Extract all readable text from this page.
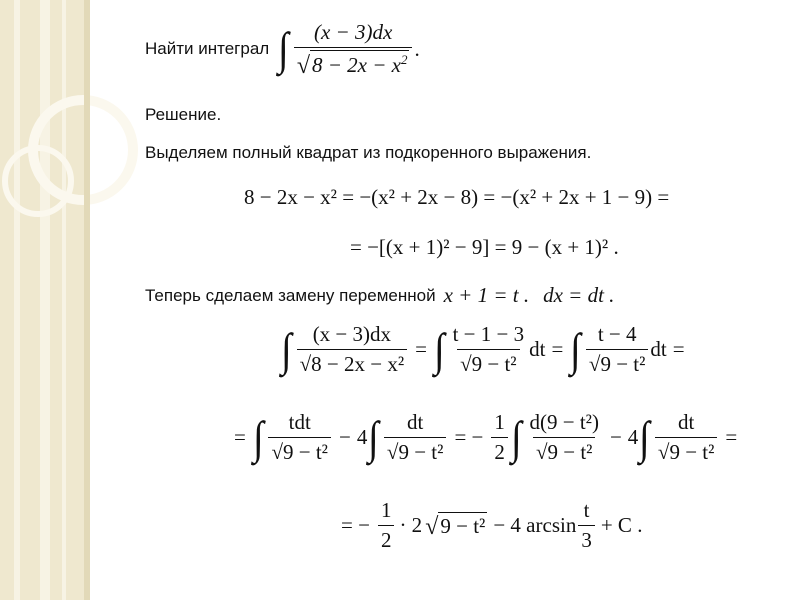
Найти интеграл ∫ $\frac{(x - 3)dx}{√ 8 - 2x - x^2}$ .
Решение.
Выделяем полный квадрат из подкоренного выражения.
8 − 2x − x² = −(x² + 2x − 8) = −(x² + 2x + 1 − 9) =
= −[(x + 1)² − 9] = 9 − (x + 1)² .
Теперь сделаем замену переменной x + 1 = t . dx = dt .
∫ $\frac{(x - 3)dx}{\text{√8 − 2x − x²}}$ = ∫ $\frac{t - 1 - 3}{\text{√9 − t²}}$ dt = ∫ $\frac{t - 4}{\text{√9 − t²}}$ dt =
= ∫ $\frac{\text{tdt}}{\text{√9 − t²}} - 4$ ∫ $\frac{dt}{\text{√9 − t²}}$ = − $\frac{1}{2}$ ∫ $\frac{\text{d(9 − t²)}}{\text{√9 − t²}} - 4$ ∫ $\frac{dt}{\text{√9 − t²}}$ =
= − $\frac{1}{2} \cdot 2$ √ 9 − t² − 4 $\arcsin \frac{t}{3} + C$ .
